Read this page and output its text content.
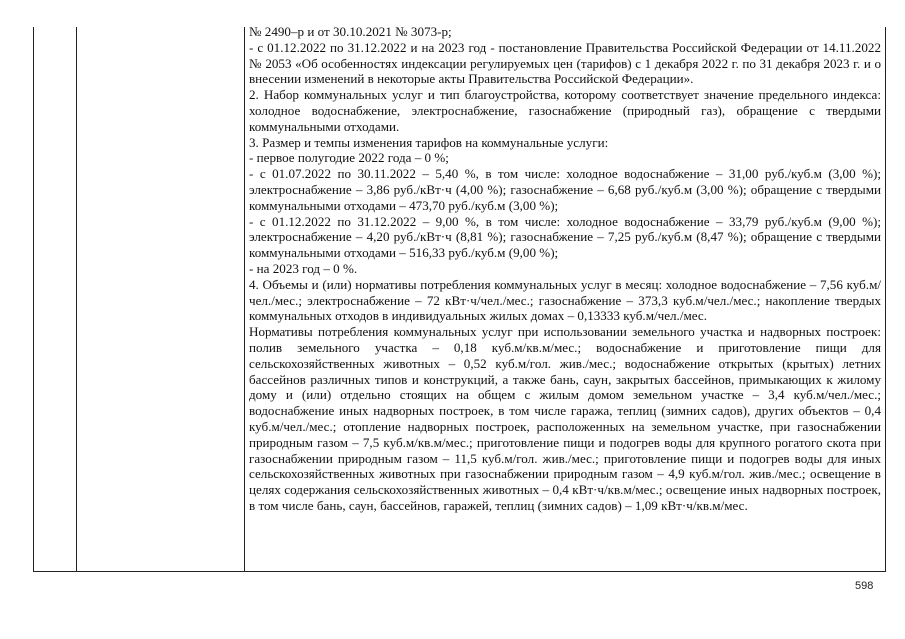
№ 2490–р и от 30.10.2021 № 3073-р;

- с 01.12.2022 по 31.12.2022 и на 2023 год - постановление Правительства Российской Федерации от 14.11.2022 № 2053 «Об особенностях индексации регулируемых цен (тарифов) с 1 декабря 2022 г. по 31 декабря 2023 г. и о внесении изменений в некоторые акты Правительства Российской Федерации».

2. Набор коммунальных услуг и тип благоустройства, которому соответствует значение предельного индекса: холодное водоснабжение, электроснабжение, газоснабжение (природный газ), обращение с твердыми коммунальными отходами.

3. Размер и темпы изменения тарифов на коммунальные услуги:

- первое полугодие 2022 года – 0 %;

- с 01.07.2022 по 30.11.2022 – 5,40 %, в том числе: холодное водоснабжение – 31,00 руб./куб.м (3,00 %); электроснабжение – 3,86 руб./кВт·ч (4,00 %); газоснабжение – 6,68 руб./куб.м (3,00 %); обращение с твердыми коммунальными отходами – 473,70 руб./куб.м (3,00 %);

- с 01.12.2022 по 31.12.2022 – 9,00 %, в том числе: холодное водоснабжение – 33,79 руб./куб.м (9,00 %); электроснабжение – 4,20 руб./кВт·ч (8,81 %); газоснабжение – 7,25 руб./куб.м (8,47 %); обращение с твердыми коммунальными отходами – 516,33 руб./куб.м (9,00 %);

- на 2023 год – 0 %.

4. Объемы и (или) нормативы потребления коммунальных услуг в месяц: холодное водоснабжение – 7,56 куб.м/чел./мес.; электроснабжение – 72 кВт·ч/чел./мес.; газоснабжение – 373,3 куб.м/чел./мес.; накопление твердых коммунальных отходов в индивидуальных жилых домах – 0,13333 куб.м/чел./мес.

Нормативы потребления коммунальных услуг при использовании земельного участка и надворных построек: полив земельного участка – 0,18 куб.м/кв.м/мес.; водоснабжение и приготовление пищи для сельскохозяйственных животных – 0,52 куб.м/гол. жив./мес.; водоснабжение открытых (крытых) летних бассейнов различных типов и конструкций, а также бань, саун, закрытых бассейнов, примыкающих к жилому дому и (или) отдельно стоящих на общем с жилым домом земельном участке – 3,4 куб.м/чел./мес.; водоснабжение иных надворных построек, в том числе гаража, теплиц (зимних садов), других объектов – 0,4 куб.м/чел./мес.; отопление надворных построек, расположенных на земельном участке, при газоснабжении природным газом – 7,5 куб.м/кв.м/мес.; приготовление пищи и подогрев воды для крупного рогатого скота при газоснабжении природным газом – 11,5 куб.м/гол. жив./мес.; приготовление пищи и подогрев воды для иных сельскохозяйственных животных при газоснабжении природным газом – 4,9 куб.м/гол. жив./мес.; освещение в целях содержания сельскохозяйственных животных – 0,4 кВт·ч/кв.м/мес.; освещение иных надворных построек, в том числе бань, саун, бассейнов, гаражей, теплиц (зимних садов) – 1,09 кВт·ч/кв.м/мес.

598
